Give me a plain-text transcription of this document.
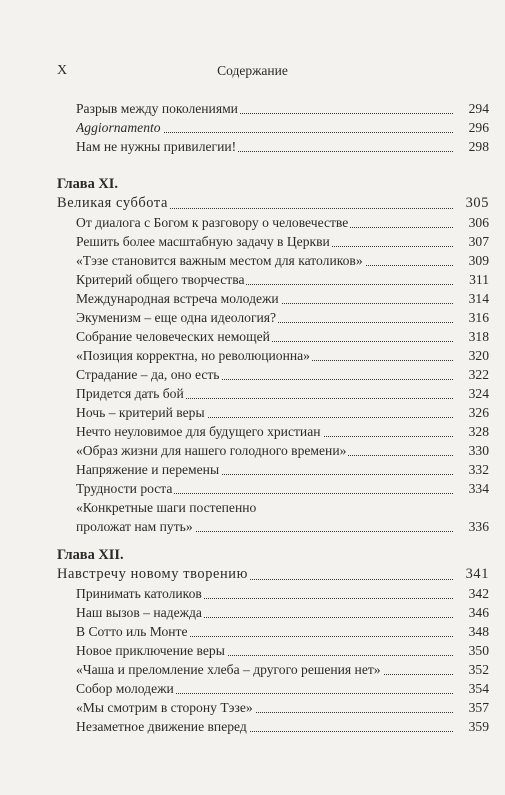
X	Содержание
Разрыв между поколениями	294
Aggiornamento	296
Нам не нужны привилегии!	298
Глава XI.
Великая суббота	305
От диалога с Богом к разговору о человечестве	306
Решить более масштабную задачу в Церкви	307
«Тэзе становится важным местом для католиков»	309
Критерий общего творчества	311
Международная встреча молодежи	314
Экуменизм – еще одна идеология?	316
Собрание человеческих немощей	318
«Позиция корректна, но революционна»	320
Страдание – да, оно есть	322
Придется дать бой	324
Ночь – критерий веры	326
Нечто неуловимое для будущего христиан	328
«Образ жизни для нашего голодного времени»	330
Напряжение и перемены	332
Трудности роста	334
«Конкретные шаги постепенно
проложат нам путь»	336
Глава XII.
Навстречу новому творению	341
Принимать католиков	342
Наш вызов – надежда	346
В Сотто иль Монте	348
Новое приключение веры	350
«Чаша и преломление хлеба – другого решения нет»	352
Собор молодежи	354
«Мы смотрим в сторону Тэзе»	357
Незаметное движение вперед	359
